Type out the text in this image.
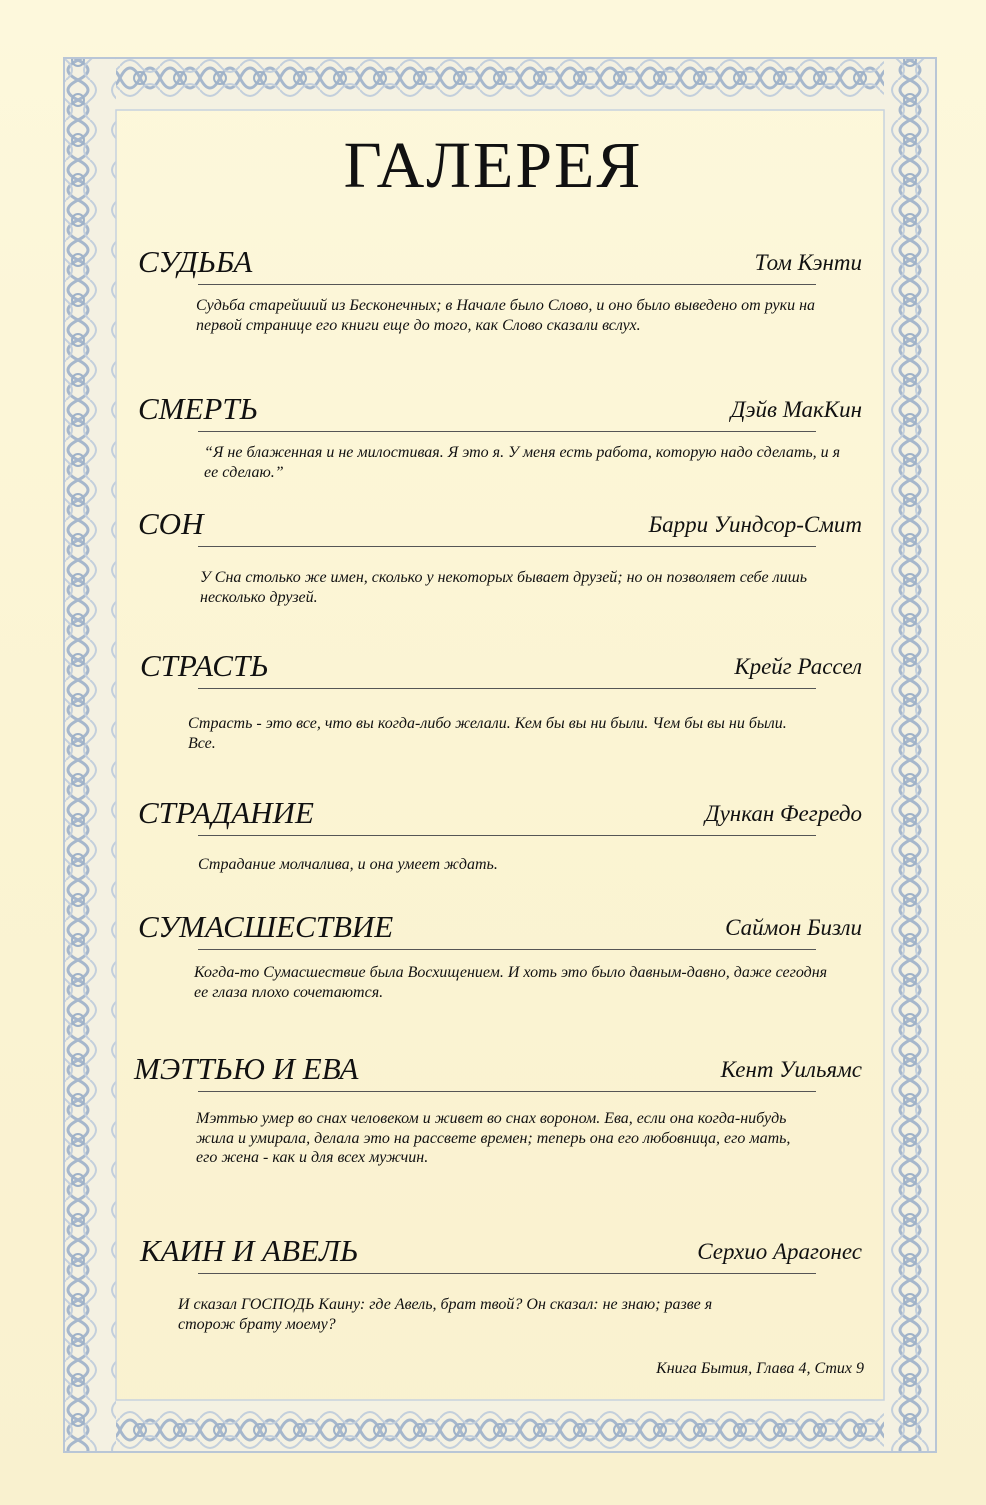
ГАЛЕРЕЯ
СУДЬБА	Том Кэнти

Судьба старейший из Бесконечных; в Начале было Слово, и оно было выведено от руки на первой странице его книги еще до того, как Слово сказали вслух.

СМЕРТЬ	Дэйв МакКин

“Я не блаженная и не милостивая. Я это я. У меня есть работа, которую надо сделать, и я ее сделаю.”

СОН	Барри Уиндсор-Смит

У Сна столько же имен, сколько у некоторых бывает друзей; но он позволяет себе лишь несколько друзей.

СТРАСТЬ	Крейг Рассел

Страсть - это все, что вы когда-либо желали. Кем бы вы ни были. Чем бы вы ни были. Все.

СТРАДАНИЕ	Дункан Фегредо

Страдание молчалива, и она умеет ждать.

СУМАСШЕСТВИЕ	Саймон Бизли

Когда-то Сумасшествие была Восхищением. И хоть это было давным-давно, даже сегодня ее глаза плохо сочетаются.

МЭТТЬЮ И ЕВА	Кент Уильямс

Мэттью умер во снах человеком и живет во снах вороном. Ева, если она когда-нибудь жила и умирала, делала это на рассвете времен; теперь она его любовница, его мать, его жена - как и для всех мужчин.

КАИН И АВЕЛЬ	Серхио Арагонес

И сказал ГОСПОДЬ Каину: где Авель, брат твой? Он сказал: не знаю; разве я сторож брату моему?

Книга Бытия, Глава 4, Стих 9
